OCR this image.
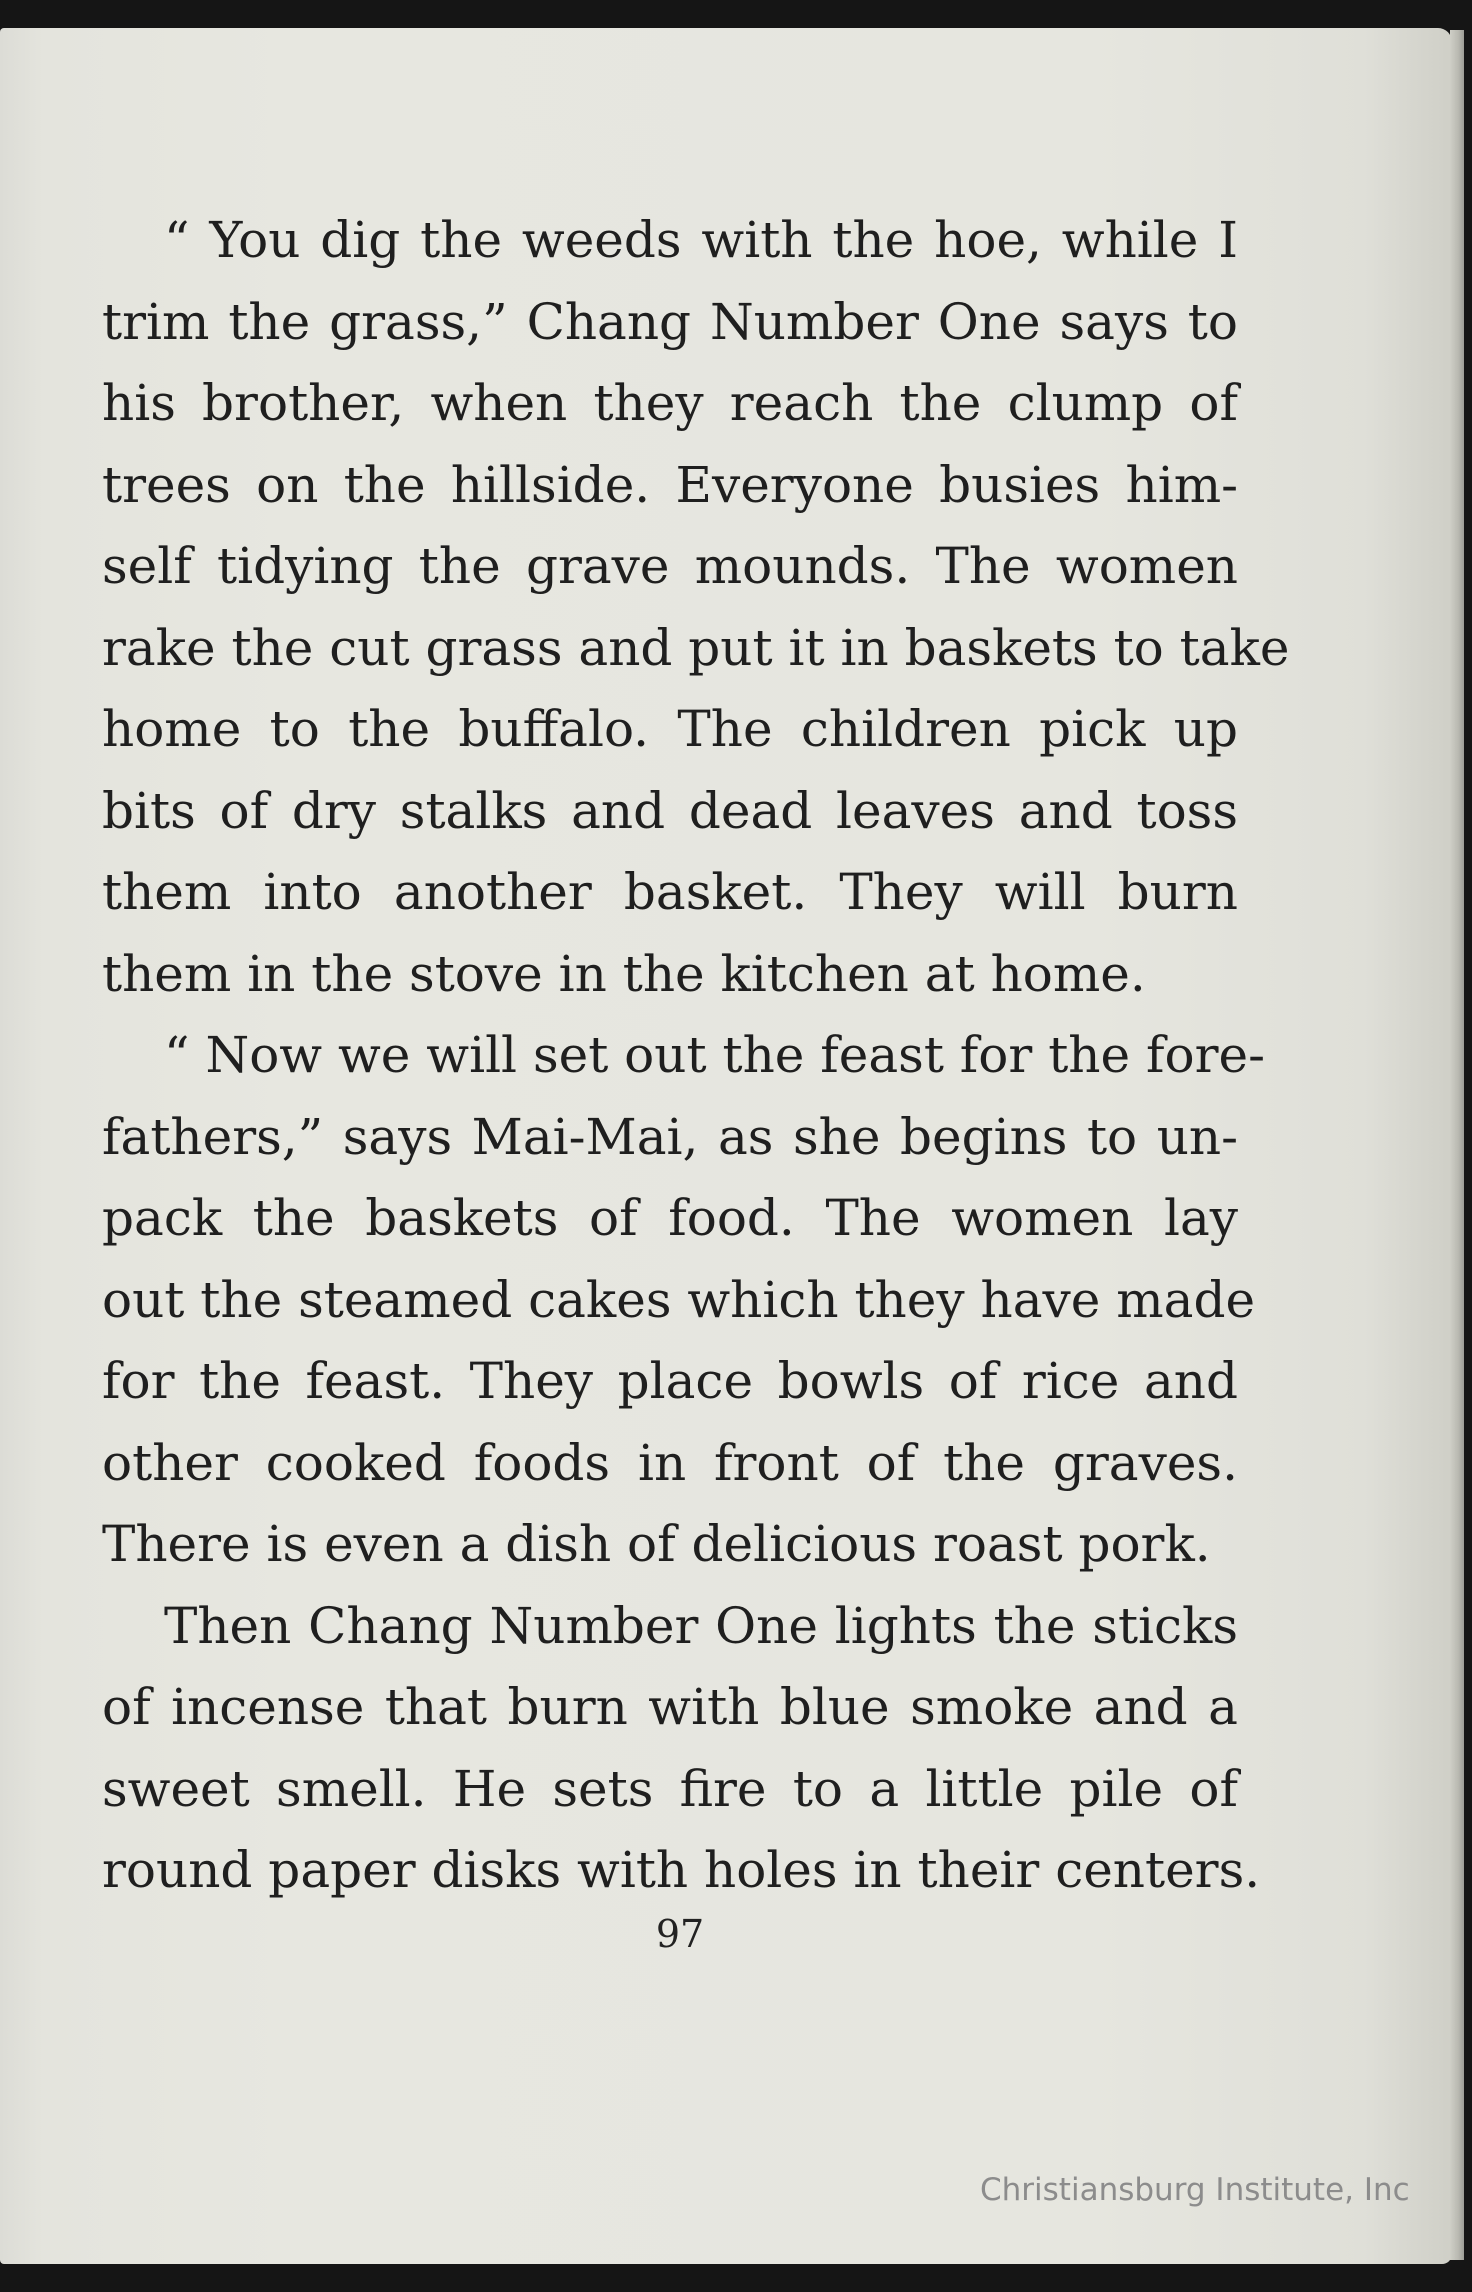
“ You dig the weeds with the hoe, while I
trim the grass,” Chang Number One says to
his brother, when they reach the clump of
trees on the hillside. Everyone busies him-
self tidying the grave mounds. The women
rake the cut grass and put it in baskets to take
home to the buffalo. The children pick up
bits of dry stalks and dead leaves and toss
them into another basket. They will burn
them in the stove in the kitchen at home.

“ Now we will set out the feast for the fore-
fathers,” says Mai-Mai, as she begins to un-
pack the baskets of food. The women lay
out the steamed cakes which they have made
for the feast. They place bowls of rice and
other cooked foods in front of the graves.
There is even a dish of delicious roast pork.

Then Chang Number One lights the sticks
of incense that burn with blue smoke and a
sweet smell. He sets fire to a little pile of
round paper disks with holes in their centers.

97
Christiansburg Institute, Inc
